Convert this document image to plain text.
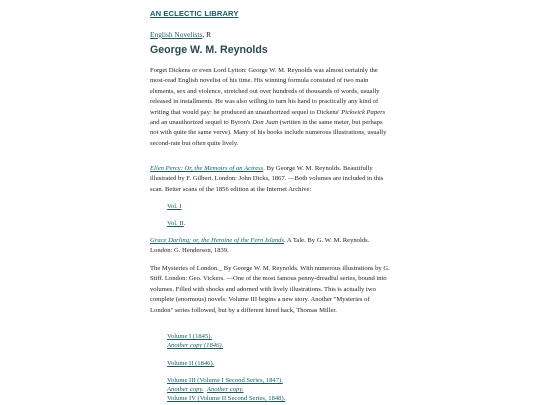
AN ECLECTIC LIBRARY
English Novelists, R
George W. M. Reynolds

Forget Dickens or even Lord Lytton: George W. M. Reynolds was almost certainly the most-read English novelist of his time. His winning formula consisted of two main elements, sex and violence, stretched out over hundreds of thousands of words, usually released in installments. He was also willing to turn his hand to practically any kind of writing that would pay: he produced an unauthorized sequel to Dickens' Pickwick Papers and an unauthorized sequel to Byron's Don Juan (written in the same meter, but perhaps not with quite the same verve). Many of his books include numerous illustrations, usually second-rate but often quite lively.

Ellen Percy: Or, the Memoirs of an Actress. By George W. M. Reynolds. Beautifully illustrated by F. Gilbert. London: John Dicks, 1867. —Both volumes are included in this scan. Better scans of the 1856 edition at the Internet Archive:

Vol. I
Vol. II.

Grace Darling; or, the Heroine of the Fern Islands. A Tale. By G. W. M. Reynolds. London: G. Henderson, 1839.

The Mysteries of London._ By George W. M. Reynolds. With numerous illustrations by G. Stiff. London: Geo. Vickers. —One of the most famous penny-dreadful series, bound into volumes. Filled with shocks and adorned with lively illustrations. This is actually two complete (enormous) novels: Volume III begins a new story. Another "Mysteries of London" series followed, but by a different hired hack, Thomas Miller.

Volume I (1845).
Another copy (1846).
Volume II (1846).
Volume III (Volume I Second Series, 1847).
Another copy. Another copy.
Volume IV (Volume II Second Series, 1848).
